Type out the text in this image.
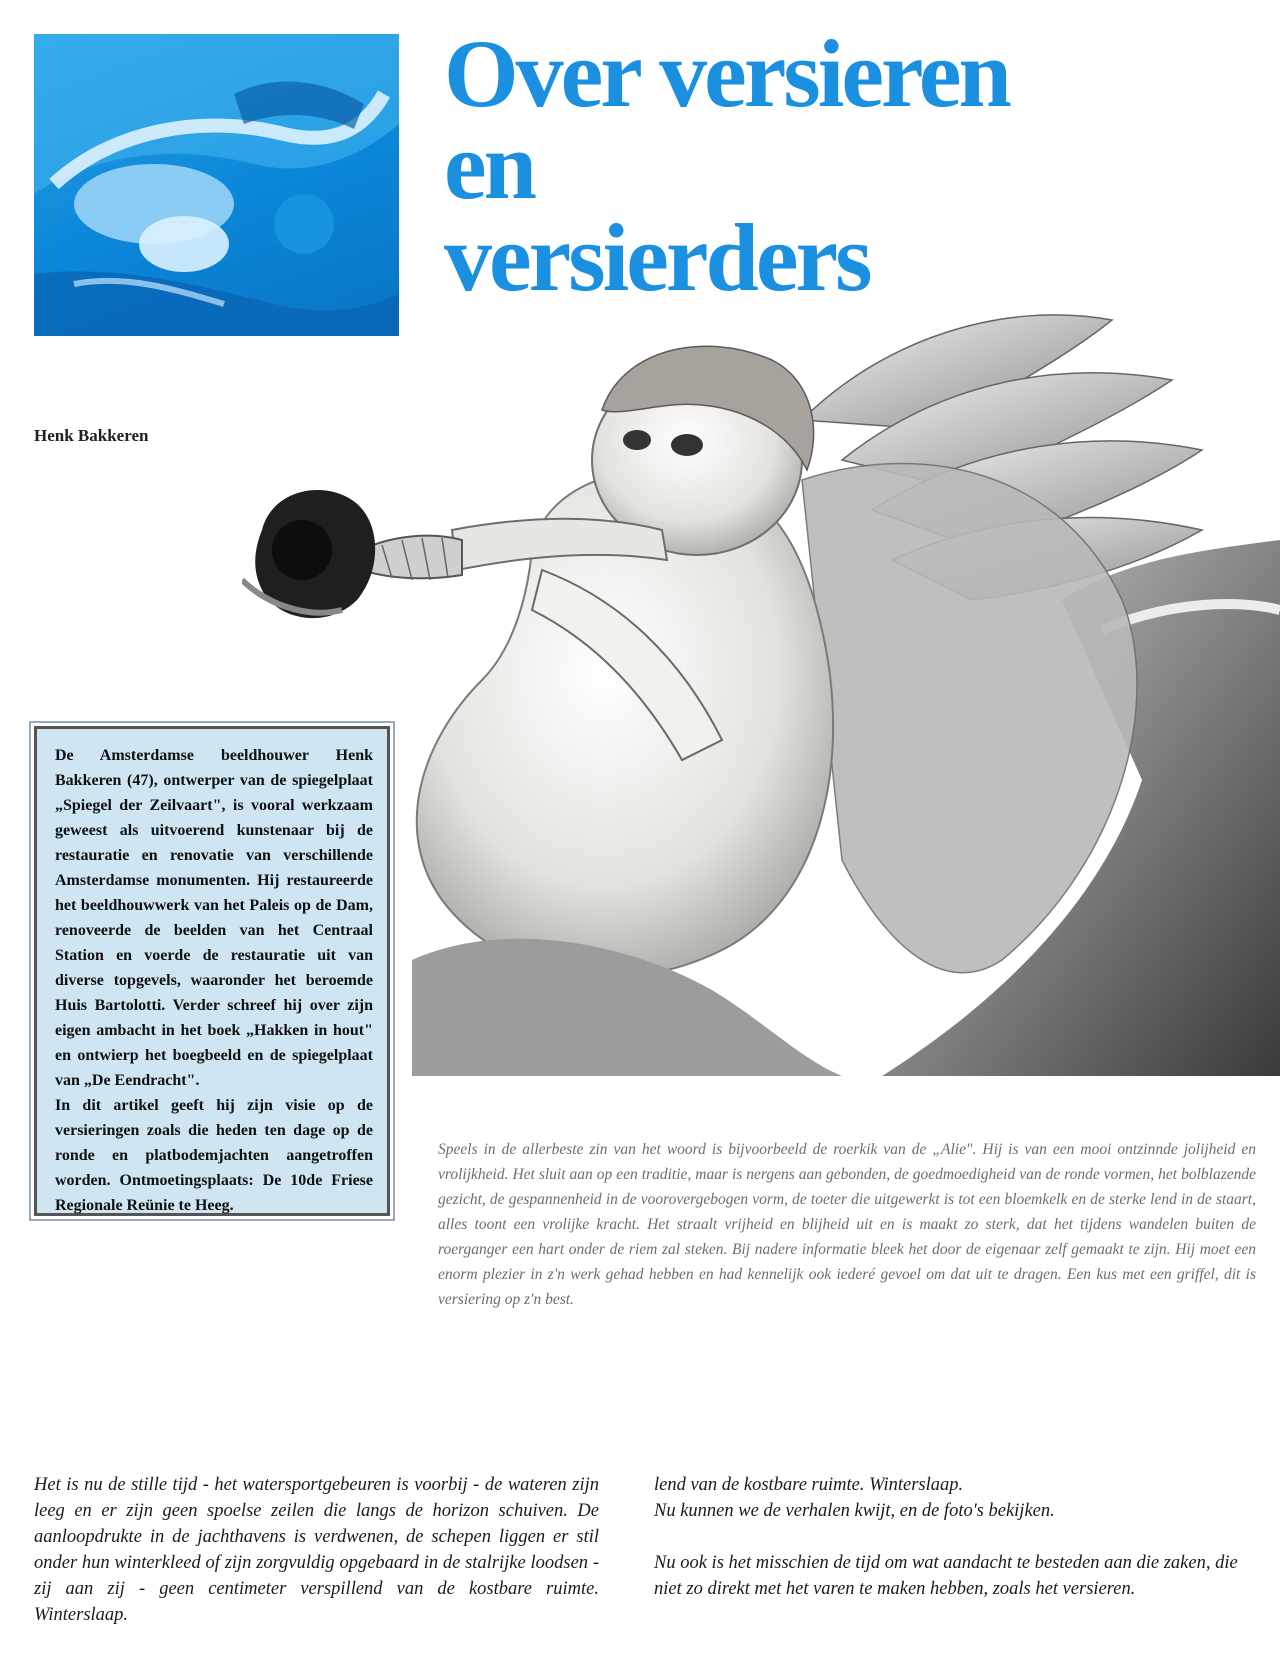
Over versieren
en
versierders
Henk Bakkeren

De Amsterdamse beeldhouwer Henk Bakkeren (47), ontwerper van de spiegelplaat „Spiegel der Zeilvaart", is vooral werkzaam geweest als uitvoerend kunstenaar bij de restauratie en renovatie van verschillende Amsterdamse monumenten. Hij restaureerde het beeldhouwwerk van het Paleis op de Dam, renoveerde de beelden van het Centraal Station en voerde de restauratie uit van diverse topgevels, waaronder het beroemde Huis Bartolotti. Verder schreef hij over zijn eigen ambacht in het boek „Hakken in hout" en ontwierp het boegbeeld en de spiegelplaat van „De Eendracht".

In dit artikel geeft hij zijn visie op de versieringen zoals die heden ten dage op de ronde en platbodemjachten aangetroffen worden. Ontmoetingsplaats: De 10de Friese Regionale Reünie te Heeg.

Speels in de allerbeste zin van het woord is bijvoorbeeld de roerkik van de „Alie". Hij is van een mooi ontzinnde jolijheid en vrolijkheid. Het sluit aan op een traditie, maar is nergens aan gebonden, de goedmoedigheid van de ronde vormen, het bolblazende gezicht, de gespannenheid in de voorovergebogen vorm, de toeter die uitgewerkt is tot een bloemkelk en de sterke lend in de staart, alles toont een vrolijke kracht. Het straalt vrijheid en blijheid uit en is maakt zo sterk, dat het tijdens wandelen buiten de roerganger een hart onder de riem zal steken. Bij nadere informatie bleek het door de eigenaar zelf gemaakt te zijn. Hij moet een enorm plezier in z'n werk gehad hebben en had kennelijk ook iederé gevoel om dat uit te dragen. Een kus met een griffel, dit is versiering op z'n best.

Het is nu de stille tijd - het watersportgebeuren is voorbij - de wateren zijn leeg en er zijn geen spoelse zeilen die langs de horizon schuiven. De aanloopdrukte in de jachthavens is verdwenen, de schepen liggen er stil onder hun winterkleed of zijn zorgvuldig opgebaard in de stalrijke loodsen - zij aan zij - geen centimeter verspillend van de kostbare ruimte. Winterslaap.

lend van de kostbare ruimte. Winterslaap.
Nu kunnen we de verhalen kwijt, en de foto's bekijken.

Nu ook is het misschien de tijd om wat aandacht te besteden aan die zaken, die niet zo direkt met het varen te maken hebben, zoals het versieren.
